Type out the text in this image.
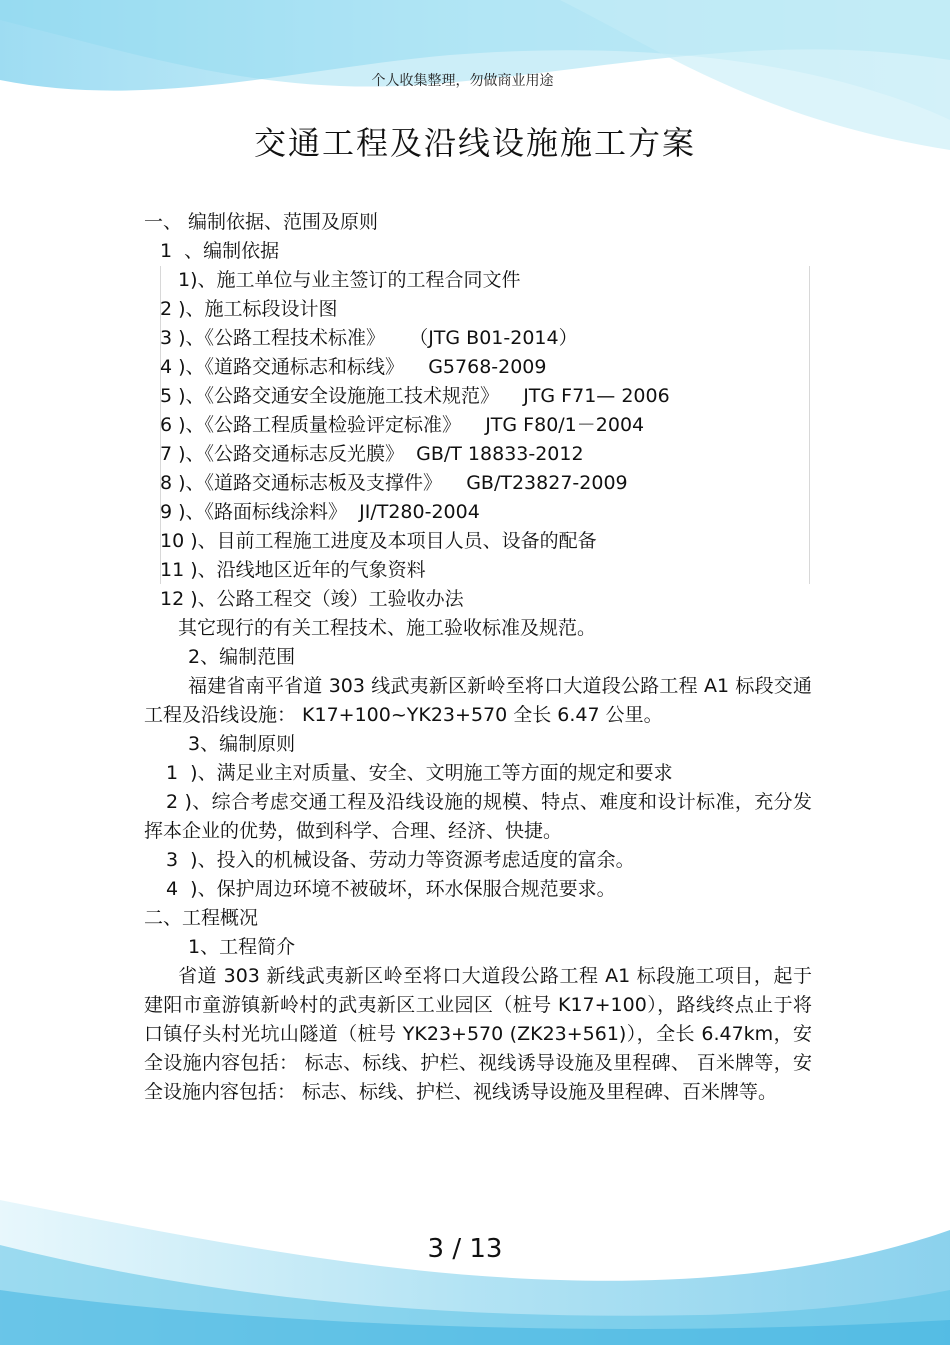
个人收集整理，勿做商业用途
交通工程及沿线设施施工方案
一、 编制依据、范围及原则
1  、编制依据
1)、施工单位与业主签订的工程合同文件
2 )、施工标段设计图
3 )、《公路工程技术标准》    （JTG B01-2014）
4 )、《道路交通标志和标线》    G5768-2009
5 )、《公路交通安全设施施工技术规范》    JTG F71— 2006
6 )、《公路工程质量检验评定标准》    JTG F80/1－2004
7 )、《公路交通标志反光膜》  GB/T 18833-2012
8 )、《道路交通标志板及支撑件》    GB/T23827-2009
9 )、《路面标线涂料》  JI/T280-2004
10 )、目前工程施工进度及本项目人员、设备的配备
11 )、沿线地区近年的气象资料
12 )、公路工程交（竣）工验收办法
其它现行的有关工程技术、施工验收标准及规范。
2、编制范围
福建省南平省道 303 线武夷新区新岭至将口大道段公路工程 A1 标段交通工程及沿线设施： K17+100~YK23+570 全长 6.47 公里。
3、编制原则
1  )、满足业主对质量、安全、文明施工等方面的规定和要求
2 )、综合考虑交通工程及沿线设施的规模、特点、难度和设计标准，充分发挥本企业的优势，做到科学、合理、经济、快捷。
3  )、投入的机械设备、劳动力等资源考虑适度的富余。
4  )、保护周边环境不被破坏，环水保服合规范要求。
二、工程概况
1、工程简介
省道 303 新线武夷新区岭至将口大道段公路工程 A1 标段施工项目，起于建阳市童游镇新岭村的武夷新区工业园区（桩号 K17+100），路线终点止于将口镇仔头村光坑山隧道（桩号 YK23+570 (ZK23+561)），全长 6.47km，安全设施内容包括： 标志、标线、护栏、视线诱导设施及里程碑、 百米牌等，安全设施内容包括： 标志、标线、护栏、视线诱导设施及里程碑、百米牌等。
3 / 13
